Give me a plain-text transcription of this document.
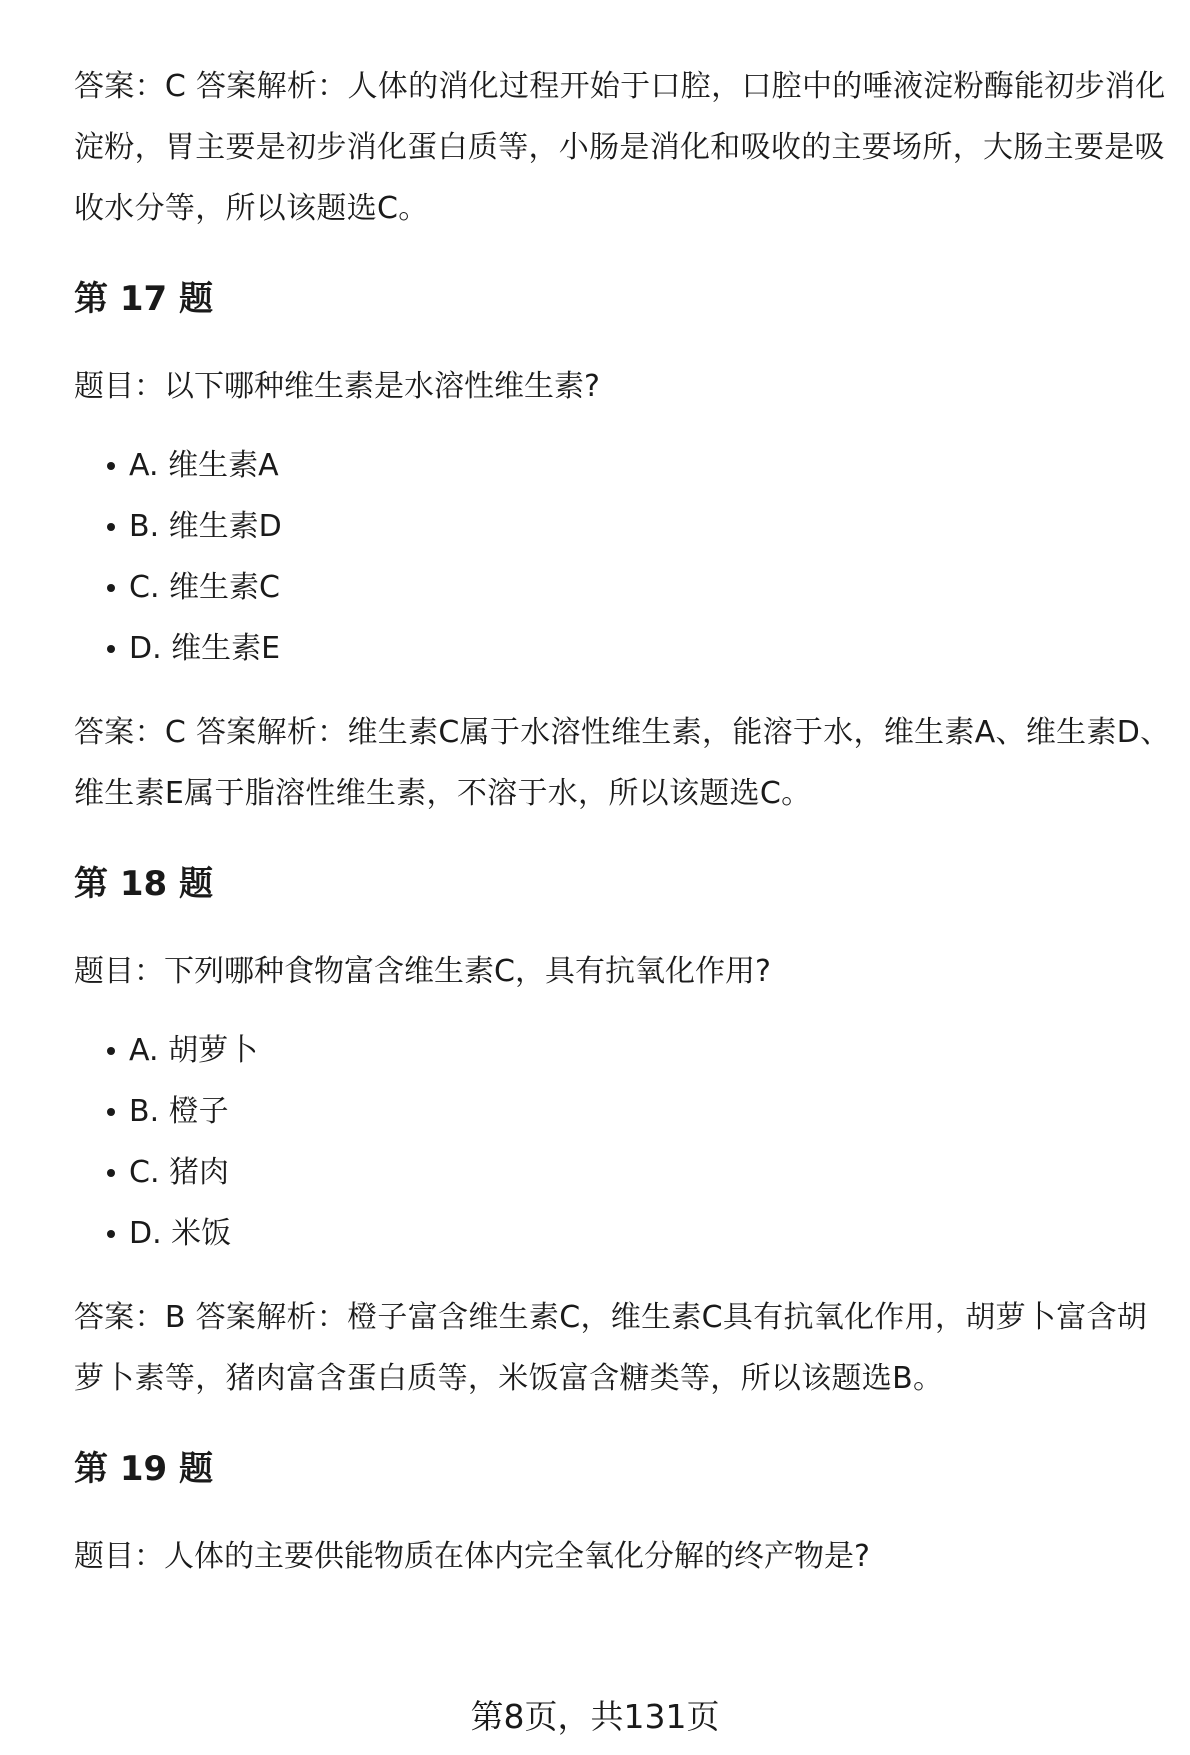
答案：C 答案解析：人体的消化过程开始于口腔，口腔中的唾液淀粉酶能初步消化淀粉，胃主要是初步消化蛋白质等，小肠是消化和吸收的主要场所，大肠主要是吸收水分等，所以该题选C。

第 17 题

题目：以下哪种维生素是水溶性维生素?

A. 维生素A
B. 维生素D
C. 维生素C
D. 维生素E

答案：C 答案解析：维生素C属于水溶性维生素，能溶于水，维生素A、维生素D、维生素E属于脂溶性维生素，不溶于水，所以该题选C。

第 18 题

题目：下列哪种食物富含维生素C，具有抗氧化作用?

A. 胡萝卜
B. 橙子
C. 猪肉
D. 米饭

答案：B 答案解析：橙子富含维生素C，维生素C具有抗氧化作用，胡萝卜富含胡萝卜素等，猪肉富含蛋白质等，米饭富含糖类等，所以该题选B。

第 19 题

题目：人体的主要供能物质在体内完全氧化分解的终产物是?

第8页，共131页
